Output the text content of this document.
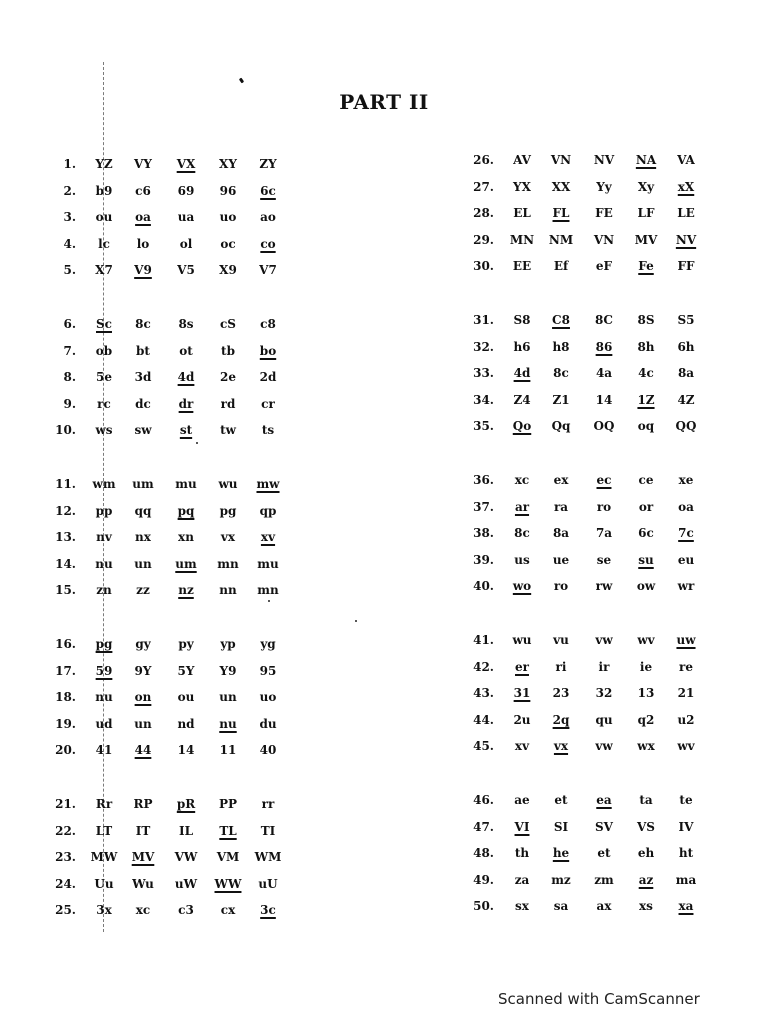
PART II
1.	YZ	VY	VX	XY	ZY
2.	b9	c6	69	96	6c
3.	ou	oa	ua	uo	ao
4.	lc	lo	ol	oc	co
5.	X7	V9	V5	X9	V7
6.	Sc	8c	8s	cS	c8
7.	ob	bt	ot	tb	bo
8.	5e	3d	4d	2e	2d
9.	rc	dc	dr	rd	cr
10.	ws	sw	st	tw	ts
11.	wm	um	mu	wu	mw
12.	pp	qq	pq	pg	qp
13.	nv	nx	xn	vx	xv
14.	nu	un	um	mn	mu
15.	zn	zz	nz	nn	mn
16.	pg	gy	py	yp	yg
17.	59	9Y	5Y	Y9	95
18.	nu	on	ou	un	uo
19.	ud	un	nd	nu	du
20.	41	44	14	11	40
21.	Rr	RP	pR	PP	rr
22.	LT	IT	IL	TL	TI
23.	MW	MV	VW	VM	WM
24.	Uu	Wu	uW	WW	uU
25.	3x	xc	c3	cx	3c
26.	AV	VN	NV	NA	VA
27.	YX	XX	Yy	Xy	xX
28.	EL	FL	FE	LF	LE
29.	MN	NM	VN	MV	NV
30.	EE	Ef	eF	Fe	FF
31.	S8	C8	8C	8S	S5
32.	h6	h8	86	8h	6h
33.	4d	8c	4a	4c	8a
34.	Z4	Z1	14	1Z	4Z
35.	Qo	Qq	OQ	oq	QQ
36.	xc	ex	ec	ce	xe
37.	ar	ra	ro	or	oa
38.	8c	8a	7a	6c	7c
39.	us	ue	se	su	eu
40.	wo	ro	rw	ow	wr
41.	wu	vu	vw	wv	uw
42.	er	ri	ir	ie	re
43.	31	23	32	13	21
44.	2u	2q	qu	q2	u2
45.	xv	vx	vw	wx	wv
46.	ae	et	ea	ta	te
47.	VI	SI	SV	VS	IV
48.	th	he	et	eh	ht
49.	za	mz	zm	az	ma
50.	sx	sa	ax	xs	xa
Scanned with CamScanner
